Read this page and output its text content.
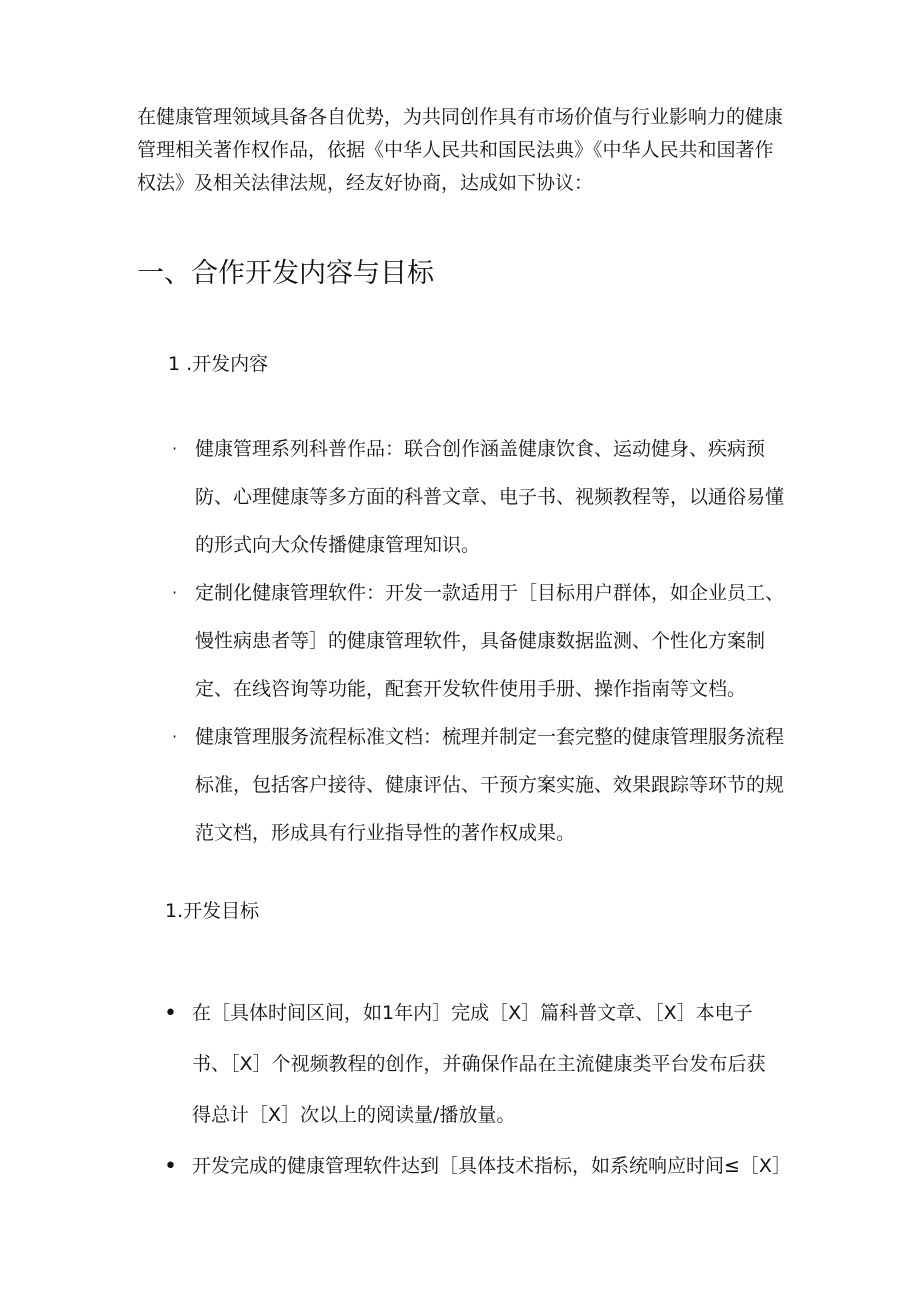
在健康管理领域具备各自优势，为共同创作具有市场价值与行业影响力的健康
管理相关著作权作品，依据《中华人民共和国民法典》《中华人民共和国著作
权法》及相关法律法规，经友好协商，达成如下协议：

一、合作开发内容与目标
1 .开发内容
· 健康管理系列科普作品：联合创作涵盖健康饮食、运动健身、疾病预
防、心理健康等多方面的科普文章、电子书、视频教程等，以通俗易懂
的形式向大众传播健康管理知识。
· 定制化健康管理软件：开发一款适用于［目标用户群体，如企业员工、
慢性病患者等］的健康管理软件，具备健康数据监测、个性化方案制
定、在线咨询等功能，配套开发软件使用手册、操作指南等文档。
· 健康管理服务流程标准文档：梳理并制定一套完整的健康管理服务流程
标准，包括客户接待、健康评估、干预方案实施、效果跟踪等环节的规
范文档，形成具有行业指导性的著作权成果。
1.开发目标
• 在［具体时间区间，如1年内］完成［X］篇科普文章、［X］本电子
书、［X］个视频教程的创作，并确保作品在主流健康类平台发布后获
得总计［X］次以上的阅读量/播放量。
• 开发完成的健康管理软件达到［具体技术指标，如系统响应时间≤［X］
